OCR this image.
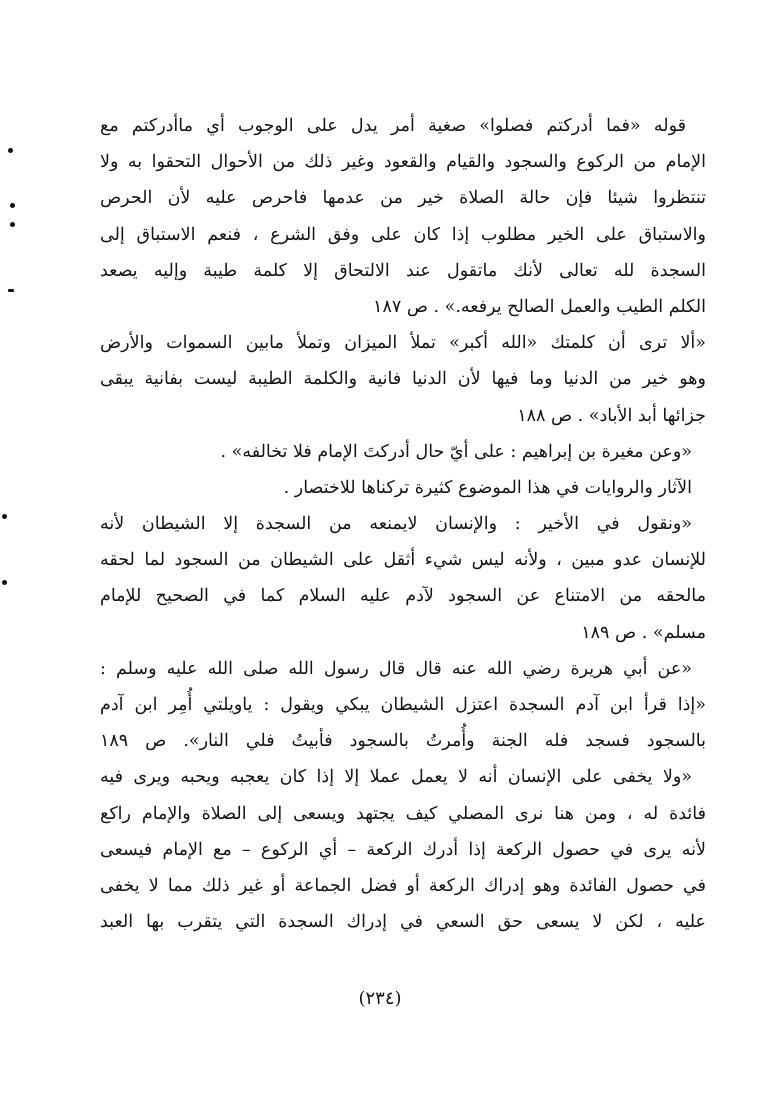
قوله «فما أدركتم فصلوا» صغية أمر يدل على الوجوب أي ماأدركتم مع
الإمام من الركوع والسجود والقيام والقعود وغير ذلك من الأحوال التحقوا به ولا
تنتظروا شيئا فإن حالة الصلاة خير من عدمها فاحرص عليه لأن الحرص
والاستباق على الخير مطلوب إذا كان على وفق الشرع ، فنعم الاستباق إلى
السجدة لله تعالى لأنك ماتقول عند الالتحاق إلا كلمة طيبة وإليه يصعد
الكلم الطيب والعمل الصالح يرفعه.» . ص ١٨٧
«ألا ترى أن كلمتك «الله أكبر» تملأ الميزان وتملأ مابين السموات والأرض
وهو خير من الدنيا وما فيها لأن الدنيا فانية والكلمة الطيبة ليست بفانية يبقى
جزائها أبد الأباد» . ص ١٨٨
«وعن مغيرة بن إبراهيم : على أيّ حال أدركتَ الإمام فلا تخالفه» .
الآثار والروايات في هذا الموضوع كثيرة تركناها للاختصار .
«ونقول في الأخير : والإنسان لايمنعه من السجدة إلا الشيطان لأنه
للإنسان عدو مبين ، ولأنه ليس شيء أثقل على الشيطان من السجود لما لحقه
مالحقه من الامتناع عن السجود لآدم عليه السلام كما في الصحيح للإمام
مسلم» . ص ١٨٩
«عن أبي هريرة رضي الله عنه قال قال رسول الله صلى الله عليه وسلم :
«إذا قرأ ابن آدم السجدة اعتزل الشيطان يبكي ويقول : ياويلتي أُمِر ابن آدم
بالسجود فسجد فله الجنة وأُمرتُ بالسجود فأبيتُ فلي النار». ص ١٨٩
«ولا يخفى على الإنسان أنه لا يعمل عملا إلا إذا كان يعجبه ويحبه ويرى فيه
فائدة له ، ومن هنا نرى المصلي كيف يجتهد ويسعى إلى الصلاة والإمام راكع
لأنه يرى في حصول الركعة إذا أدرك الركعة – أي الركوع – مع الإمام فيسعى
في حصول الفائدة وهو إدراك الركعة أو فضل الجماعة أو غير ذلك مما لا يخفى
عليه ، لكن لا يسعى حق السعي في إدراك السجدة التي يتقرب بها العبد
(٢٣٤)
